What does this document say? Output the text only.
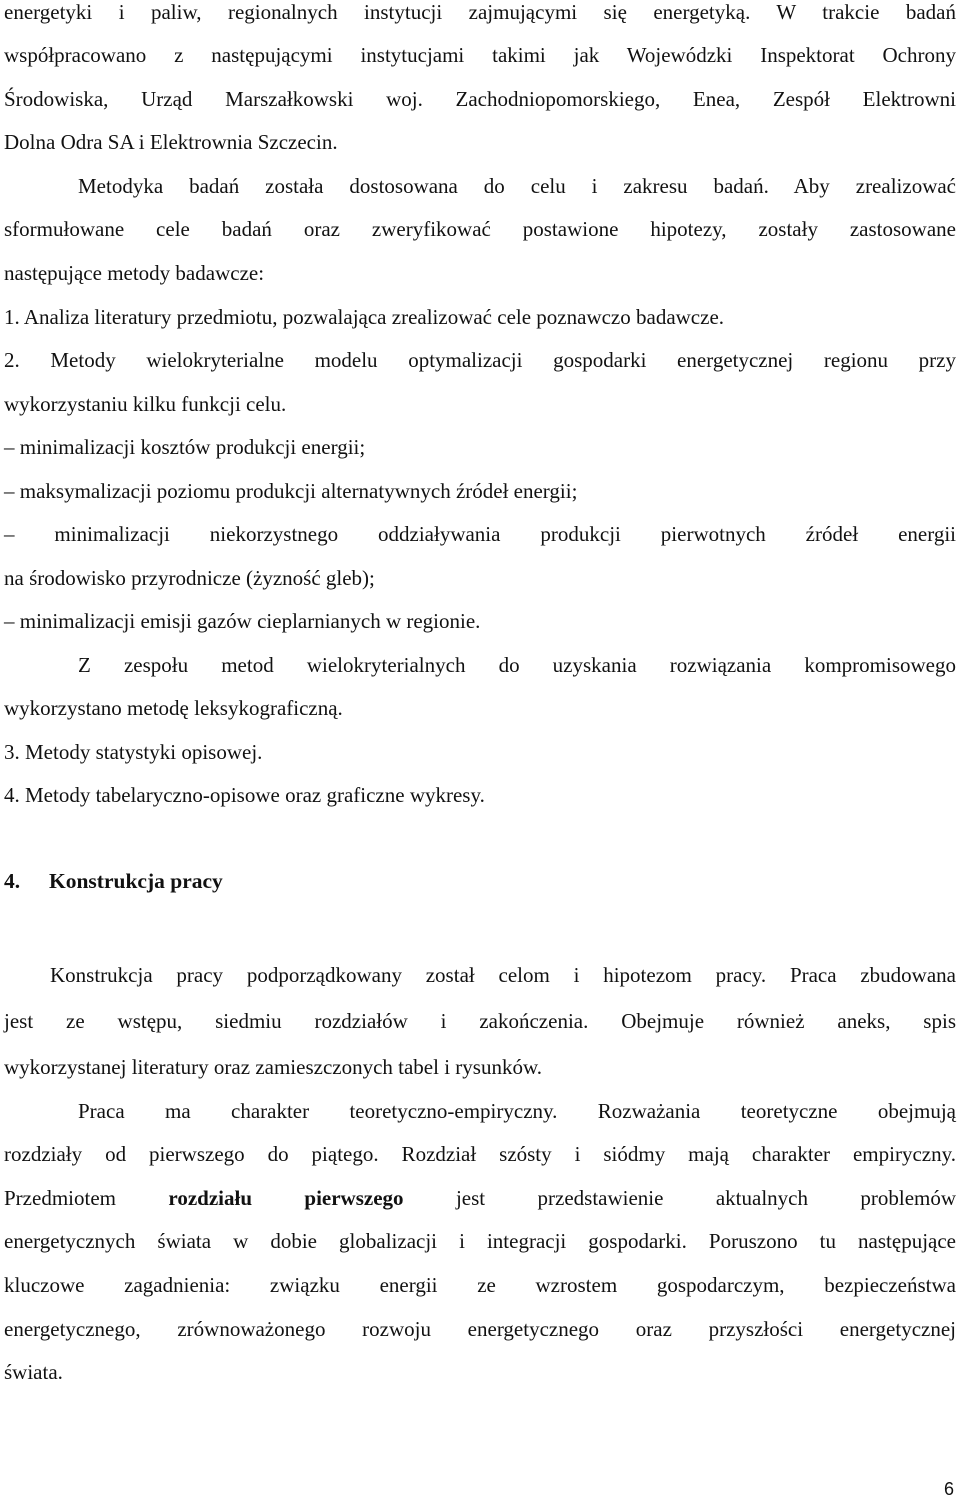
energetyki i paliw, regionalnych instytucji zajmującymi się energetyką. W trakcie badań
współpracowano z następującymi instytucjami takimi jak Wojewódzki Inspektorat Ochrony
Środowiska, Urząd Marszałkowski woj. Zachodniopomorskiego, Enea, Zespół Elektrowni
Dolna Odra SA i Elektrownia Szczecin.
Metodyka badań została dostosowana do celu i zakresu badań. Aby zrealizować
sformułowane cele badań oraz zweryfikować postawione hipotezy, zostały zastosowane
następujące metody badawcze:
1. Analiza literatury przedmiotu, pozwalająca zrealizować cele poznawczo badawcze.
2. Metody wielokryterialne modelu optymalizacji gospodarki energetycznej regionu przy
wykorzystaniu kilku funkcji celu.
– minimalizacji kosztów produkcji energii;
– maksymalizacji poziomu produkcji alternatywnych źródeł energii;
– minimalizacji niekorzystnego oddziaływania produkcji pierwotnych źródeł energii
na środowisko przyrodnicze (żyzność gleb);
– minimalizacji emisji gazów cieplarnianych w regionie.
Z zespołu metod wielokryterialnych do uzyskania rozwiązania kompromisowego
wykorzystano metodę leksykograficzną.
3. Metody statystyki opisowej.
4. Metody tabelaryczno-opisowe oraz graficzne wykresy.
4. Konstrukcja pracy
Konstrukcja pracy podporządkowany został celom i hipotezom pracy. Praca zbudowana
jest ze wstępu, siedmiu rozdziałów i zakończenia. Obejmuje również aneks, spis
wykorzystanej literatury oraz zamieszczonych tabel i rysunków.
Praca ma charakter teoretyczno-empiryczny. Rozważania teoretyczne obejmują
rozdziały od pierwszego do piątego. Rozdział szósty i siódmy mają charakter empiryczny.
Przedmiotem rozdziału pierwszego jest przedstawienie aktualnych problemów
energetycznych świata w dobie globalizacji i integracji gospodarki. Poruszono tu następujące
kluczowe zagadnienia: związku energii ze wzrostem gospodarczym, bezpieczeństwa
energetycznego, zrównoważonego rozwoju energetycznego oraz przyszłości energetycznej
świata.
6
